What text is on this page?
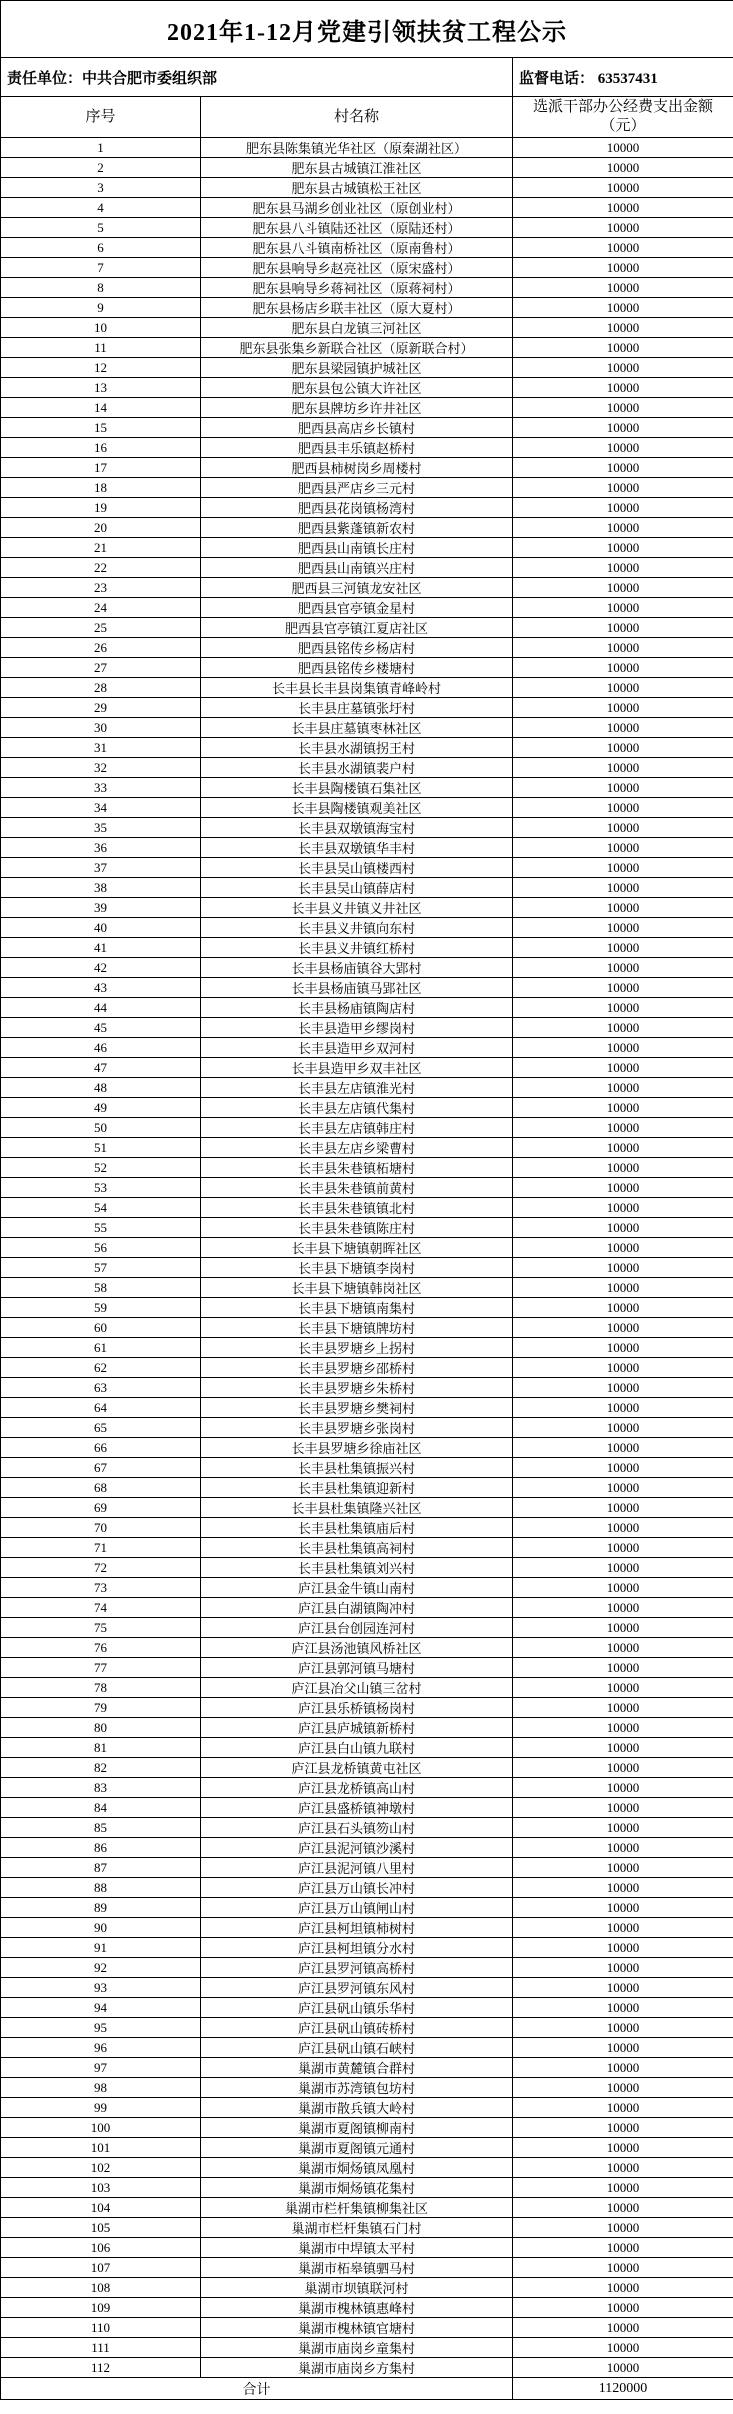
2021年1-12月党建引领扶贫工程公示		
责任单位：中共合肥市委组织部		监督电话： 63537431
序号	村名称	选派干部办公经费支出金额（元）
1	肥东县陈集镇光华社区（原秦湖社区）	10000
2	肥东县古城镇江淮社区	10000
3	肥东县古城镇松王社区	10000
4	肥东县马湖乡创业社区（原创业村）	10000
5	肥东县八斗镇陆还社区（原陆还村）	10000
6	肥东县八斗镇南桥社区（原南鲁村）	10000
7	肥东县响导乡赵亮社区（原宋盛村）	10000
8	肥东县响导乡蒋祠社区（原蒋祠村）	10000
9	肥东县杨店乡联丰社区（原大夏村）	10000
10	肥东县白龙镇三河社区	10000
11	肥东县张集乡新联合社区（原新联合村）	10000
12	肥东县梁园镇护城社区	10000
13	肥东县包公镇大许社区	10000
14	肥东县牌坊乡许井社区	10000
15	肥西县高店乡长镇村	10000
16	肥西县丰乐镇赵桥村	10000
17	肥西县柿树岗乡周楼村	10000
18	肥西县严店乡三元村	10000
19	肥西县花岗镇杨湾村	10000
20	肥西县紫蓬镇新农村	10000
21	肥西县山南镇长庄村	10000
22	肥西县山南镇兴庄村	10000
23	肥西县三河镇龙安社区	10000
24	肥西县官亭镇金星村	10000
25	肥西县官亭镇江夏店社区	10000
26	肥西县铭传乡杨店村	10000
27	肥西县铭传乡楼塘村	10000
28	长丰县长丰县岗集镇青峰岭村	10000
29	长丰县庄墓镇张圩村	10000
30	长丰县庄墓镇枣林社区	10000
31	长丰县水湖镇拐王村	10000
32	长丰县水湖镇裴户村	10000
33	长丰县陶楼镇石集社区	10000
34	长丰县陶楼镇观美社区	10000
35	长丰县双墩镇海宝村	10000
36	长丰县双墩镇华丰村	10000
37	长丰县吴山镇楼西村	10000
38	长丰县吴山镇薛店村	10000
39	长丰县义井镇义井社区	10000
40	长丰县义井镇向东村	10000
41	长丰县义井镇红桥村	10000
42	长丰县杨庙镇谷大郢村	10000
43	长丰县杨庙镇马郢社区	10000
44	长丰县杨庙镇陶店村	10000
45	长丰县造甲乡缪岗村	10000
46	长丰县造甲乡双河村	10000
47	长丰县造甲乡双丰社区	10000
48	长丰县左店镇淮光村	10000
49	长丰县左店镇代集村	10000
50	长丰县左店镇韩庄村	10000
51	长丰县左店乡梁曹村	10000
52	长丰县朱巷镇柘塘村	10000
53	长丰县朱巷镇前黄村	10000
54	长丰县朱巷镇镇北村	10000
55	长丰县朱巷镇陈庄村	10000
56	长丰县下塘镇朝晖社区	10000
57	长丰县下塘镇李岗村	10000
58	长丰县下塘镇韩岗社区	10000
59	长丰县下塘镇南集村	10000
60	长丰县下塘镇牌坊村	10000
61	长丰县罗塘乡上拐村	10000
62	长丰县罗塘乡邵桥村	10000
63	长丰县罗塘乡朱桥村	10000
64	长丰县罗塘乡樊祠村	10000
65	长丰县罗塘乡张岗村	10000
66	长丰县罗塘乡徐庙社区	10000
67	长丰县杜集镇振兴村	10000
68	长丰县杜集镇迎新村	10000
69	长丰县杜集镇隆兴社区	10000
70	长丰县杜集镇庙后村	10000
71	长丰县杜集镇高祠村	10000
72	长丰县杜集镇刘兴村	10000
73	庐江县金牛镇山南村	10000
74	庐江县白湖镇陶冲村	10000
75	庐江县台创园连河村	10000
76	庐江县汤池镇风桥社区	10000
77	庐江县郭河镇马塘村	10000
78	庐江县冶父山镇三岔村	10000
79	庐江县乐桥镇杨岗村	10000
80	庐江县庐城镇新桥村	10000
81	庐江县白山镇九联村	10000
82	庐江县龙桥镇黄屯社区	10000
83	庐江县龙桥镇高山村	10000
84	庐江县盛桥镇神墩村	10000
85	庐江县石头镇笏山村	10000
86	庐江县泥河镇沙溪村	10000
87	庐江县泥河镇八里村	10000
88	庐江县万山镇长冲村	10000
89	庐江县万山镇闸山村	10000
90	庐江县柯坦镇柿树村	10000
91	庐江县柯坦镇分水村	10000
92	庐江县罗河镇高桥村	10000
93	庐江县罗河镇东风村	10000
94	庐江县矾山镇乐华村	10000
95	庐江县矾山镇砖桥村	10000
96	庐江县矾山镇石峡村	10000
97	巢湖市黄麓镇合群村	10000
98	巢湖市苏湾镇包坊村	10000
99	巢湖市散兵镇大岭村	10000
100	巢湖市夏阁镇柳南村	10000
101	巢湖市夏阁镇元通村	10000
102	巢湖市烔炀镇凤凰村	10000
103	巢湖市烔炀镇花集村	10000
104	巢湖市栏杆集镇柳集社区	10000
105	巢湖市栏杆集镇石门村	10000
106	巢湖市中垾镇太平村	10000
107	巢湖市柘皋镇驷马村	10000
108	巢湖市坝镇联河村	10000
109	巢湖市槐林镇惠峰村	10000
110	巢湖市槐林镇官塘村	10000
111	巢湖市庙岗乡童集村	10000
112	巢湖市庙岗乡方集村	10000
合计		1120000
